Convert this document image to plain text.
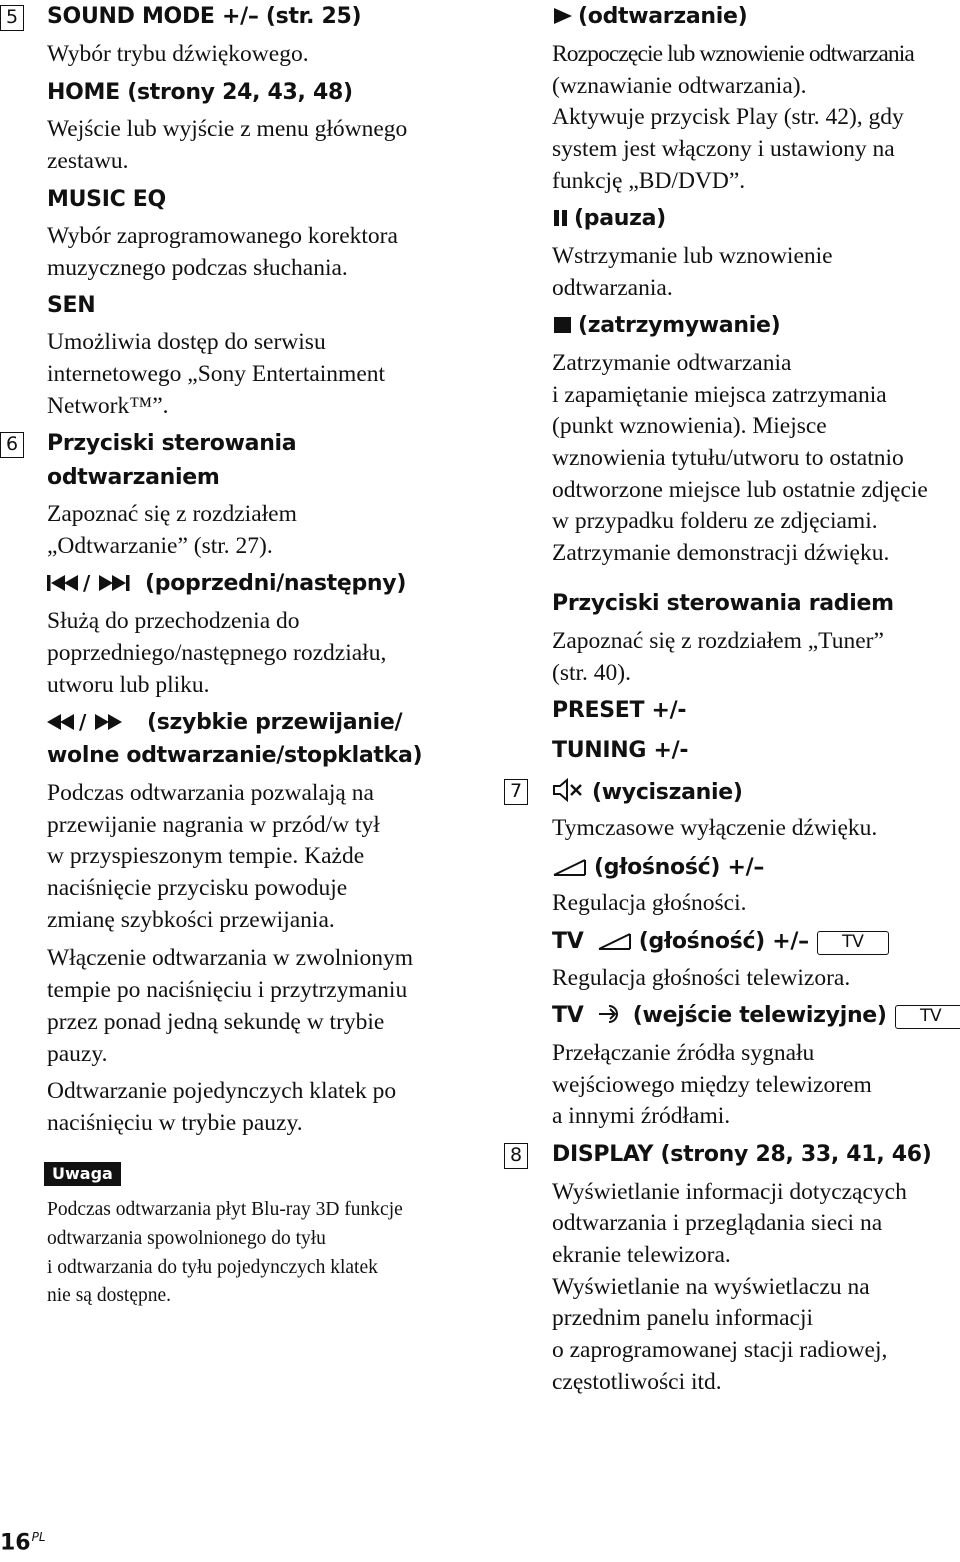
5 SOUND MODE +/– (str. 25)
Wybór trybu dźwiękowego.
HOME (strony 24, 43, 48)
Wejście lub wyjście z menu głównego
zestawu.
MUSIC EQ
Wybór zaprogramowanego korektora
muzycznego podczas słuchania.
SEN
Umożliwia dostęp do serwisu
internetowego „Sony Entertainment
Network™”.
6 Przyciski sterowania
odtwarzaniem
Zapoznać się z rozdziałem
„Odtwarzanie” (str. 27).
/ (poprzedni/następny)
Służą do przechodzenia do
poprzedniego/następnego rozdziału,
utworu lub pliku.
/	(szybkie przewijanie/
wolne odtwarzanie/stopklatka)
Podczas odtwarzania pozwalają na
przewijanie nagrania w przód/w tył
w przyspieszonym tempie. Każde
naciśnięcie przycisku powoduje
zmianę szybkości przewijania.
Włączenie odtwarzania w zwolnionym
tempie po naciśnięciu i przytrzymaniu
przez ponad jedną sekundę w trybie
pauzy.
Odtwarzanie pojedynczych klatek po
naciśnięciu w trybie pauzy.
Uwaga
Podczas odtwarzania płyt Blu-ray 3D funkcje
odtwarzania spowolnionego do tyłu
i odtwarzania do tyłu pojedynczych klatek
nie są dostępne.
(odtwarzanie)
Rozpoczęcie lub wznowienie odtwarzania
(wznawianie odtwarzania).
Aktywuje przycisk Play (str. 42), gdy
system jest włączony i ustawiony na
funkcję „BD/DVD”.
(pauza)
Wstrzymanie lub wznowienie
odtwarzania.
(zatrzymywanie)
Zatrzymanie odtwarzania
i zapamiętanie miejsca zatrzymania
(punkt wznowienia). Miejsce
wznowienia tytułu/utworu to ostatnio
odtworzone miejsce lub ostatnie zdjęcie
w przypadku folderu ze zdjęciami.
Zatrzymanie demonstracji dźwięku.
Przyciski sterowania radiem
Zapoznać się z rozdziałem „Tuner”
(str. 40).
PRESET +/-
TUNING +/-
7	(wyciszanie)
Tymczasowe wyłączenie dźwięku.
(głośność) +/–
Regulacja głośności.
TV	(głośność) +/– TV
Regulacja głośności telewizora.
TV (wejście telewizyjne) TV
Przełączanie źródła sygnału
wejściowego między telewizorem
a innymi źródłami.
8 DISPLAY (strony 28, 33, 41, 46)
Wyświetlanie informacji dotyczących
odtwarzania i przeglądania sieci na
ekranie telewizora.
Wyświetlanie na wyświetlaczu na
przednim panelu informacji
o zaprogramowanej stacji radiowej,
częstotliwości itd.
$16^{PL}$
